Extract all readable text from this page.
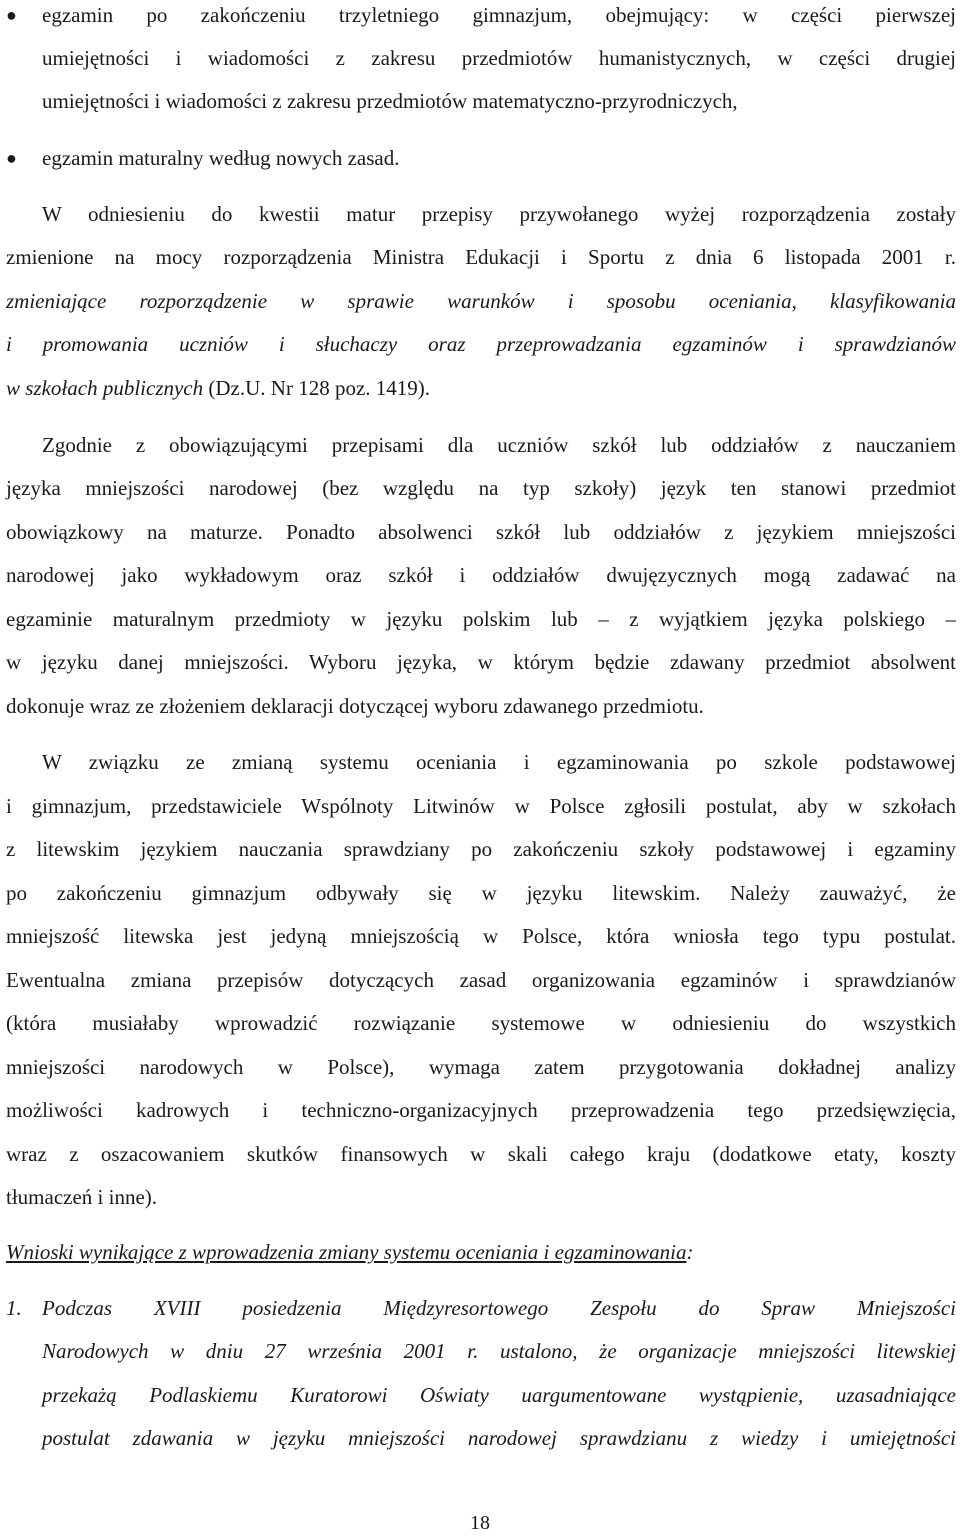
● egzamin po zakończeniu trzyletniego gimnazjum, obejmujący: w części pierwszej
umiejętności i wiadomości z zakresu przedmiotów humanistycznych, w części drugiej
umiejętności i wiadomości z zakresu przedmiotów matematyczno-przyrodniczych,
● egzamin maturalny według nowych zasad.
W odniesieniu do kwestii matur przepisy przywołanego wyżej rozporządzenia zostały
zmienione na mocy rozporządzenia Ministra Edukacji i Sportu z dnia 6 listopada 2001 r.
zmieniające rozporządzenie w sprawie warunków i sposobu oceniania, klasyfikowania
i promowania uczniów i słuchaczy oraz przeprowadzania egzaminów i sprawdzianów
w szkołach publicznych (Dz.U. Nr 128 poz. 1419).
Zgodnie z obowiązującymi przepisami dla uczniów szkół lub oddziałów z nauczaniem
języka mniejszości narodowej (bez względu na typ szkoły) język ten stanowi przedmiot
obowiązkowy na maturze. Ponadto absolwenci szkół lub oddziałów z językiem mniejszości
narodowej jako wykładowym oraz szkół i oddziałów dwujęzycznych mogą zadawać na
egzaminie maturalnym przedmioty w języku polskim lub – z wyjątkiem języka polskiego –
w języku danej mniejszości. Wyboru języka, w którym będzie zdawany przedmiot absolwent
dokonuje wraz ze złożeniem deklaracji dotyczącej wyboru zdawanego przedmiotu.
W związku ze zmianą systemu oceniania i egzaminowania po szkole podstawowej
i gimnazjum, przedstawiciele Wspólnoty Litwinów w Polsce zgłosili postulat, aby w szkołach
z litewskim językiem nauczania sprawdziany po zakończeniu szkoły podstawowej i egzaminy
po zakończeniu gimnazjum odbywały się w języku litewskim. Należy zauważyć, że
mniejszość litewska jest jedyną mniejszością w Polsce, która wniosła tego typu postulat.
Ewentualna zmiana przepisów dotyczących zasad organizowania egzaminów i sprawdzianów
(która musiałaby wprowadzić rozwiązanie systemowe w odniesieniu do wszystkich
mniejszości narodowych w Polsce), wymaga zatem przygotowania dokładnej analizy
możliwości kadrowych i techniczno-organizacyjnych przeprowadzenia tego przedsięwzięcia,
wraz z oszacowaniem skutków finansowych w skali całego kraju (dodatkowe etaty, koszty
tłumaczeń i inne).
Wnioski wynikające z wprowadzenia zmiany systemu oceniania i egzaminowania:
1. Podczas XVIII posiedzenia Międzyresortowego Zespołu do Spraw Mniejszości
Narodowych w dniu 27 września 2001 r. ustalono, że organizacje mniejszości litewskiej
przekażą Podlaskiemu Kuratorowi Oświaty uargumentowane wystąpienie, uzasadniające
postulat zdawania w języku mniejszości narodowej sprawdzianu z wiedzy i umiejętności
18
